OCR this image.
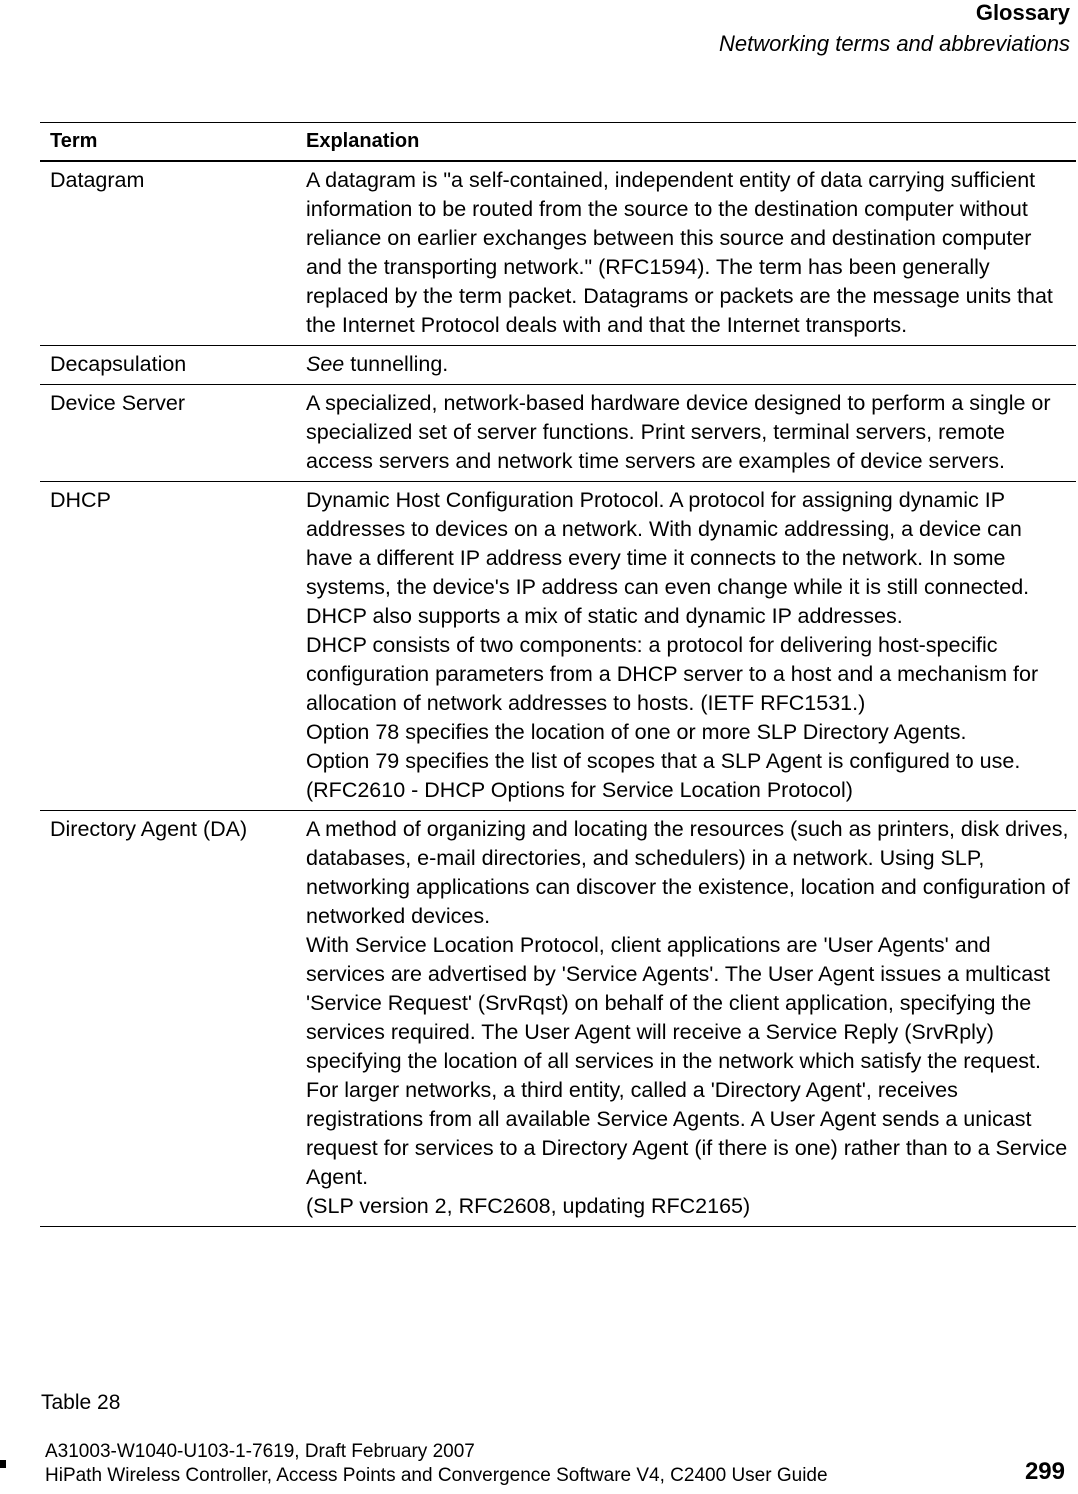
Glossary
Networking terms and abbreviations
Term	Explanation
Datagram	A datagram is "a self-contained, independent entity of data carrying sufficient information to be routed from the source to the destination computer without reliance on earlier exchanges between this source and destination computer and the transporting network." (RFC1594). The term has been generally replaced by the term packet. Datagrams or packets are the message units that the Internet Protocol deals with and that the Internet transports.
Decapsulation	See tunnelling.
Device Server	A specialized, network-based hardware device designed to perform a single or specialized set of server functions. Print servers, terminal servers, remote access servers and network time servers are examples of device servers.
DHCP	Dynamic Host Configuration Protocol. A protocol for assigning dynamic IP addresses to devices on a network. With dynamic addressing, a device can have a different IP address every time it connects to the network. In some systems, the device's IP address can even change while it is still connected. DHCP also supports a mix of static and dynamic IP addresses.
DHCP consists of two components: a protocol for delivering host-specific configuration parameters from a DHCP server to a host and a mechanism for allocation of network addresses to hosts. (IETF RFC1531.)
Option 78 specifies the location of one or more SLP Directory Agents.
Option 79 specifies the list of scopes that a SLP Agent is configured to use.(RFC2610 - DHCP Options for Service Location Protocol)
Directory Agent (DA)	A method of organizing and locating the resources (such as printers, disk drives, databases, e-mail directories, and schedulers) in a network. Using SLP, networking applications can discover the existence, location and configuration of networked devices.
With Service Location Protocol, client applications are 'User Agents' and services are advertised by 'Service Agents'. The User Agent issues a multicast 'Service Request' (SrvRqst) on behalf of the client application, specifying the services required. The User Agent will receive a Service Reply (SrvRply) specifying the location of all services in the network which satisfy the request.
For larger networks, a third entity, called a 'Directory Agent', receives registrations from all available Service Agents. A User Agent sends a unicast request for services to a Directory Agent (if there is one) rather than to a Service Agent.
(SLP version 2, RFC2608, updating RFC2165)
Table 28
A31003-W1040-U103-1-7619, Draft February 2007
HiPath Wireless Controller, Access Points and Convergence Software V4, C2400 User Guide	299
